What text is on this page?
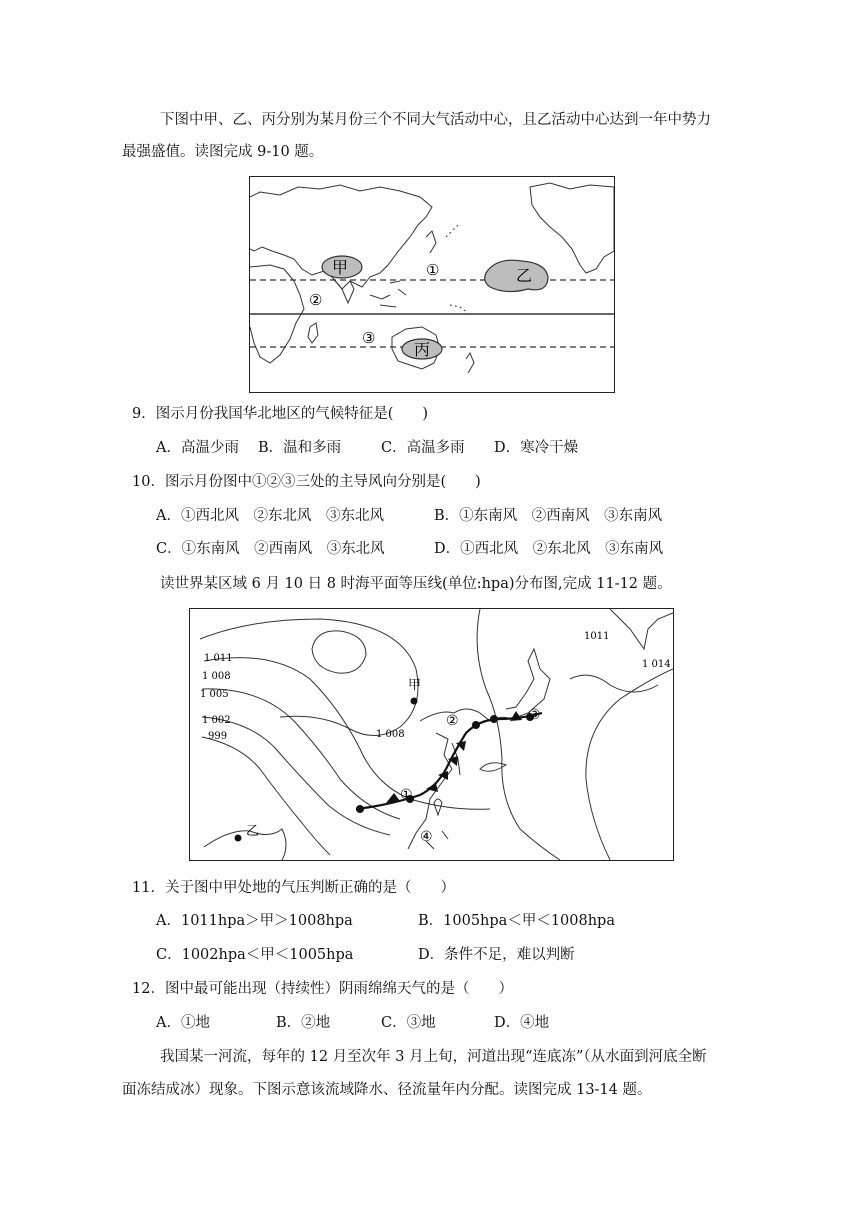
下图中甲、乙、丙分别为某月份三个不同大气活动中心，且乙活动中心达到一年中势力
最强盛值。读图完成 9-10 题。
甲	乙
丙
①
②
③
9．图示月份我国华北地区的气候特征是(　　)
A．高温少雨 B．温和多雨	C．高温多雨 D．寒冷干燥
10．图示月份图中①②③三处的主导风向分别是(　　)
A．①西北风　②东北风　③东北风	B．①东南风　②西南风　③东南风
C．①东南风　②西南风　③东北风	D．①西北风　②东北风　③东南风
读世界某区域 6 月 10 日 8 时海平面等压线(单位:hpa)分布图,完成 11-12 题。
甲
乙
1 011
1 008
1 005
1 002
999	1 008
1011
1 014
①
②	③
④
11．关于图中甲处地的气压判断正确的是（　　）
A．1011hpa＞甲＞1008hpa	B．1005hpa＜甲＜1008hpa
C．1002hpa＜甲＜1005hpa	D．条件不足，难以判断
12．图中最可能出现（持续性）阴雨绵绵天气的是（　　）
A．①地	B．②地	C．③地	D．④地
我国某一河流，每年的 12 月至次年 3 月上旬，河道出现“连底冻”（从水面到河底全断
面冻结成冰）现象。下图示意该流域降水、径流量年内分配。读图完成 13-14 题。
